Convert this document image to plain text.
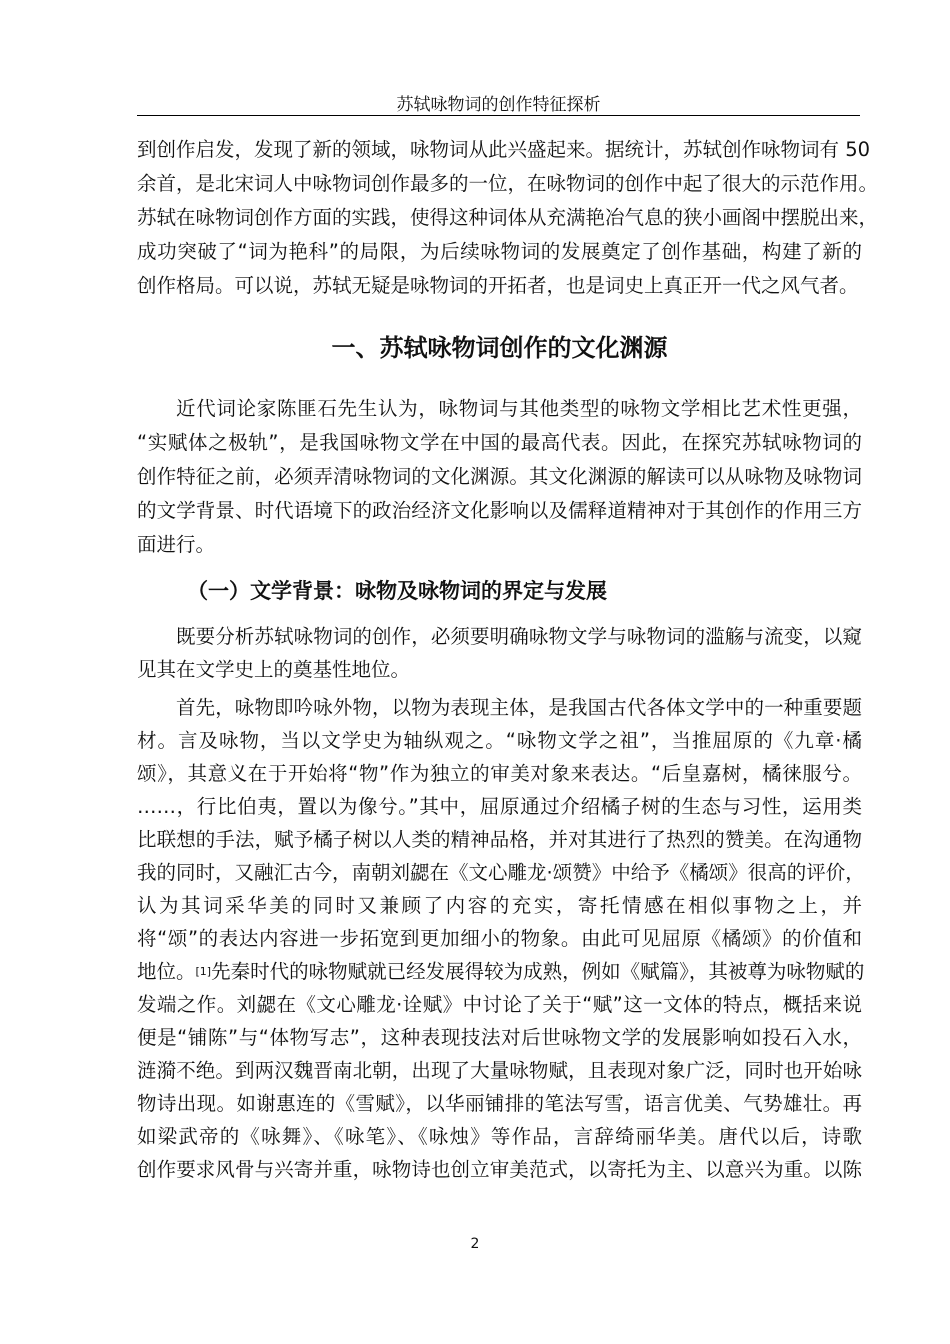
苏轼咏物词的创作特征探析
到创作启发，发现了新的领域，咏物词从此兴盛起来。据统计，苏轼创作咏物词有 50
余首，是北宋词人中咏物词创作最多的一位，在咏物词的创作中起了很大的示范作用。
苏轼在咏物词创作方面的实践，使得这种词体从充满艳冶气息的狭小画阁中摆脱出来，
成功突破了“词为艳科”的局限，为后续咏物词的发展奠定了创作基础，构建了新的
创作格局。可以说，苏轼无疑是咏物词的开拓者，也是词史上真正开一代之风气者。
一、苏轼咏物词创作的文化渊源
近代词论家陈匪石先生认为，咏物词与其他类型的咏物文学相比艺术性更强，
“实赋体之极轨”，是我国咏物文学在中国的最高代表。因此，在探究苏轼咏物词的
创作特征之前，必须弄清咏物词的文化渊源。其文化渊源的解读可以从咏物及咏物词
的文学背景、时代语境下的政治经济文化影响以及儒释道精神对于其创作的作用三方
面进行。
（一）文学背景：咏物及咏物词的界定与发展
既要分析苏轼咏物词的创作，必须要明确咏物文学与咏物词的滥觞与流变，以窥
见其在文学史上的奠基性地位。
首先，咏物即吟咏外物，以物为表现主体，是我国古代各体文学中的一种重要题
材。言及咏物，当以文学史为轴纵观之。“咏物文学之祖”，当推屈原的《九章·橘
颂》，其意义在于开始将“物”作为独立的审美对象来表达。“后皇嘉树，橘徕服兮。
……，行比伯夷，置以为像兮。”其中，屈原通过介绍橘子树的生态与习性，运用类
比联想的手法，赋予橘子树以人类的精神品格，并对其进行了热烈的赞美。在沟通物
我的同时，又融汇古今，南朝刘勰在《文心雕龙·颂赞》中给予《橘颂》很高的评价，
认为其词采华美的同时又兼顾了内容的充实，寄托情感在相似事物之上，并
将“颂”的表达内容进一步拓宽到更加细小的物象。由此可见屈原《橘颂》的价值和
地位。 [1] 先秦时代的咏物赋就已经发展得较为成熟，例如《赋篇》，其被尊为咏物赋的
发端之作。刘勰在《文心雕龙·诠赋》中讨论了关于“赋”这一文体的特点，概括来说
便是“铺陈”与“体物写志”，这种表现技法对后世咏物文学的发展影响如投石入水，
涟漪不绝。到两汉魏晋南北朝，出现了大量咏物赋，且表现对象广泛，同时也开始咏
物诗出现。如谢惠连的《雪赋》，以华丽铺排的笔法写雪，语言优美、气势雄壮。再
如梁武帝的《咏舞》、《咏笔》、《咏烛》等作品，言辞绮丽华美。唐代以后，诗歌
创作要求风骨与兴寄并重，咏物诗也创立审美范式，以寄托为主、以意兴为重。以陈
2
